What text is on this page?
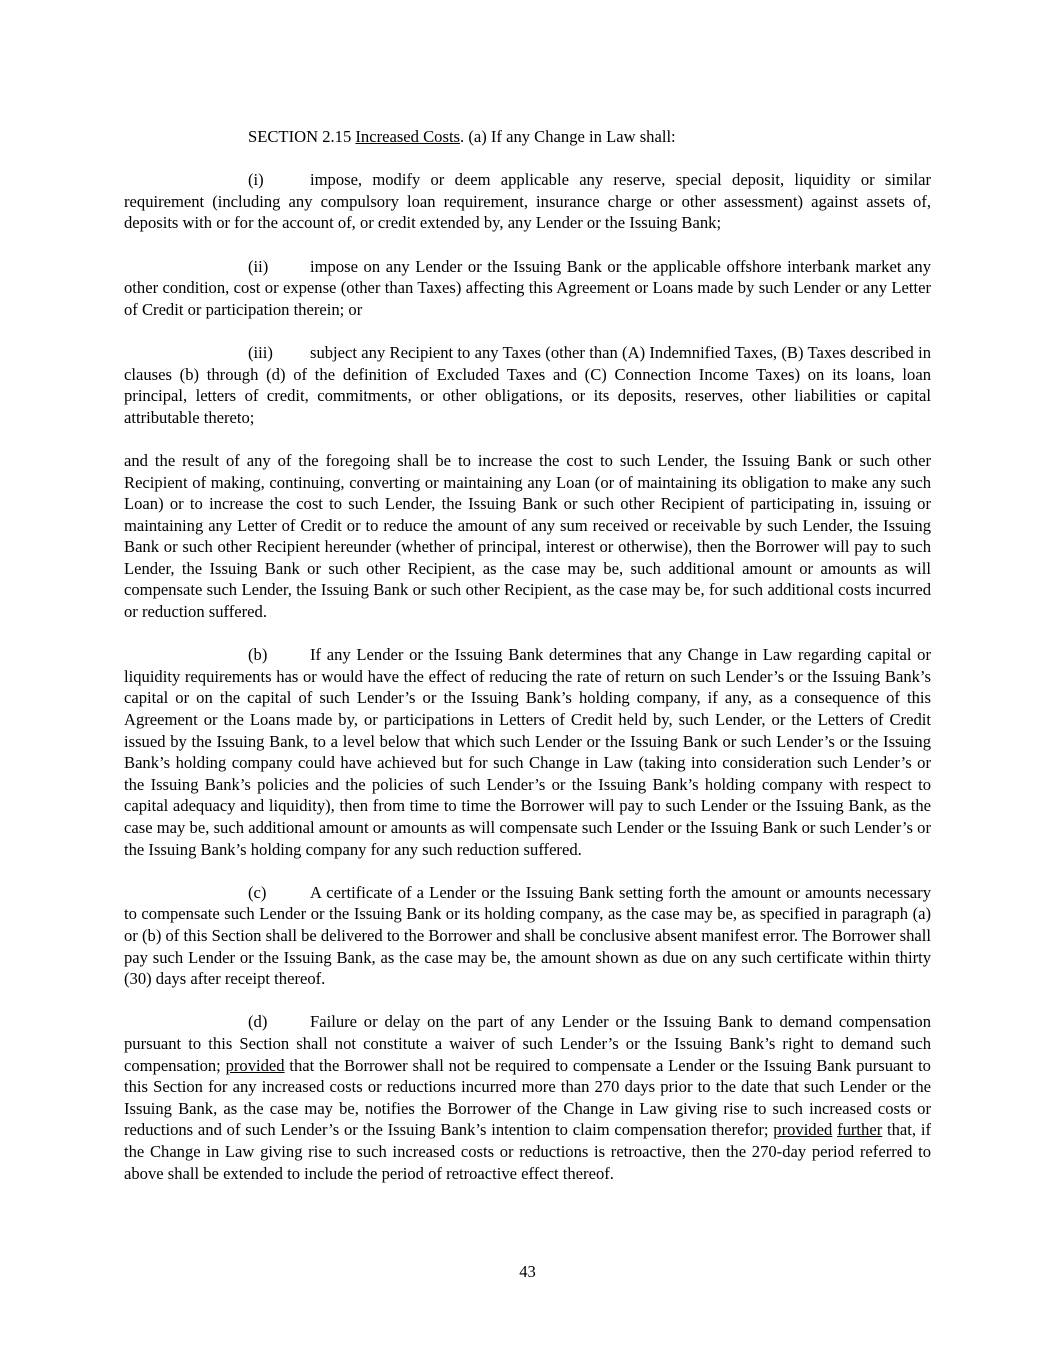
SECTION 2.15 Increased Costs. (a) If any Change in Law shall:

(i)	impose, modify or deem applicable any reserve, special deposit, liquidity or similar requirement (including any compulsory loan requirement, insurance charge or other assessment) against assets of, deposits with or for the account of, or credit extended by, any Lender or the Issuing Bank;

(ii)	impose on any Lender or the Issuing Bank or the applicable offshore interbank market any other condition, cost or expense (other than Taxes) affecting this Agreement or Loans made by such Lender or any Letter of Credit or participation therein; or

(iii) subject any Recipient to any Taxes (other than (A) Indemnified Taxes, (B) Taxes described in clauses (b) through (d) of the definition of Excluded Taxes and (C) Connection Income Taxes) on its loans, loan principal, letters of credit, commitments, or other obligations, or its deposits, reserves, other liabilities or capital attributable thereto;

and the result of any of the foregoing shall be to increase the cost to such Lender, the Issuing Bank or such other Recipient of making, continuing, converting or maintaining any Loan (or of maintaining its obligation to make any such Loan) or to increase the cost to such Lender, the Issuing Bank or such other Recipient of participating in, issuing or maintaining any Letter of Credit or to reduce the amount of any sum received or receivable by such Lender, the Issuing Bank or such other Recipient hereunder (whether of principal, interest or otherwise), then the Borrower will pay to such Lender, the Issuing Bank or such other Recipient, as the case may be, such additional amount or amounts as will compensate such Lender, the Issuing Bank or such other Recipient, as the case may be, for such additional costs incurred or reduction suffered.

(b)	If any Lender or the Issuing Bank determines that any Change in Law regarding capital or liquidity requirements has or would have the effect of reducing the rate of return on such Lender’s or the Issuing Bank’s capital or on the capital of such Lender’s or the Issuing Bank’s holding company, if any, as a consequence of this Agreement or the Loans made by, or participations in Letters of Credit held by, such Lender, or the Letters of Credit issued by the Issuing Bank, to a level below that which such Lender or the Issuing Bank or such Lender’s or the Issuing Bank’s holding company could have achieved but for such Change in Law (taking into consideration such Lender’s or the Issuing Bank’s policies and the policies of such Lender’s or the Issuing Bank’s holding company with respect to capital adequacy and liquidity), then from time to time the Borrower will pay to such Lender or the Issuing Bank, as the case may be, such additional amount or amounts as will compensate such Lender or the Issuing Bank or such Lender’s or the Issuing Bank’s holding company for any such reduction suffered.

(c)	A certificate of a Lender or the Issuing Bank setting forth the amount or amounts necessary to compensate such Lender or the Issuing Bank or its holding company, as the case may be, as specified in paragraph (a) or (b) of this Section shall be delivered to the Borrower and shall be conclusive absent manifest error. The Borrower shall pay such Lender or the Issuing Bank, as the case may be, the amount shown as due on any such certificate within thirty (30) days after receipt thereof.

(d)	Failure or delay on the part of any Lender or the Issuing Bank to demand compensation pursuant to this Section shall not constitute a waiver of such Lender’s or the Issuing Bank’s right to demand such compensation; provided that the Borrower shall not be required to compensate a Lender or the Issuing Bank pursuant to this Section for any increased costs or reductions incurred more than 270 days prior to the date that such Lender or the Issuing Bank, as the case may be, notifies the Borrower of the Change in Law giving rise to such increased costs or reductions and of such Lender’s or the Issuing Bank’s intention to claim compensation therefor; provided further that, if the Change in Law giving rise to such increased costs or reductions is retroactive, then the 270-day period referred to above shall be extended to include the period of retroactive effect thereof.

43
